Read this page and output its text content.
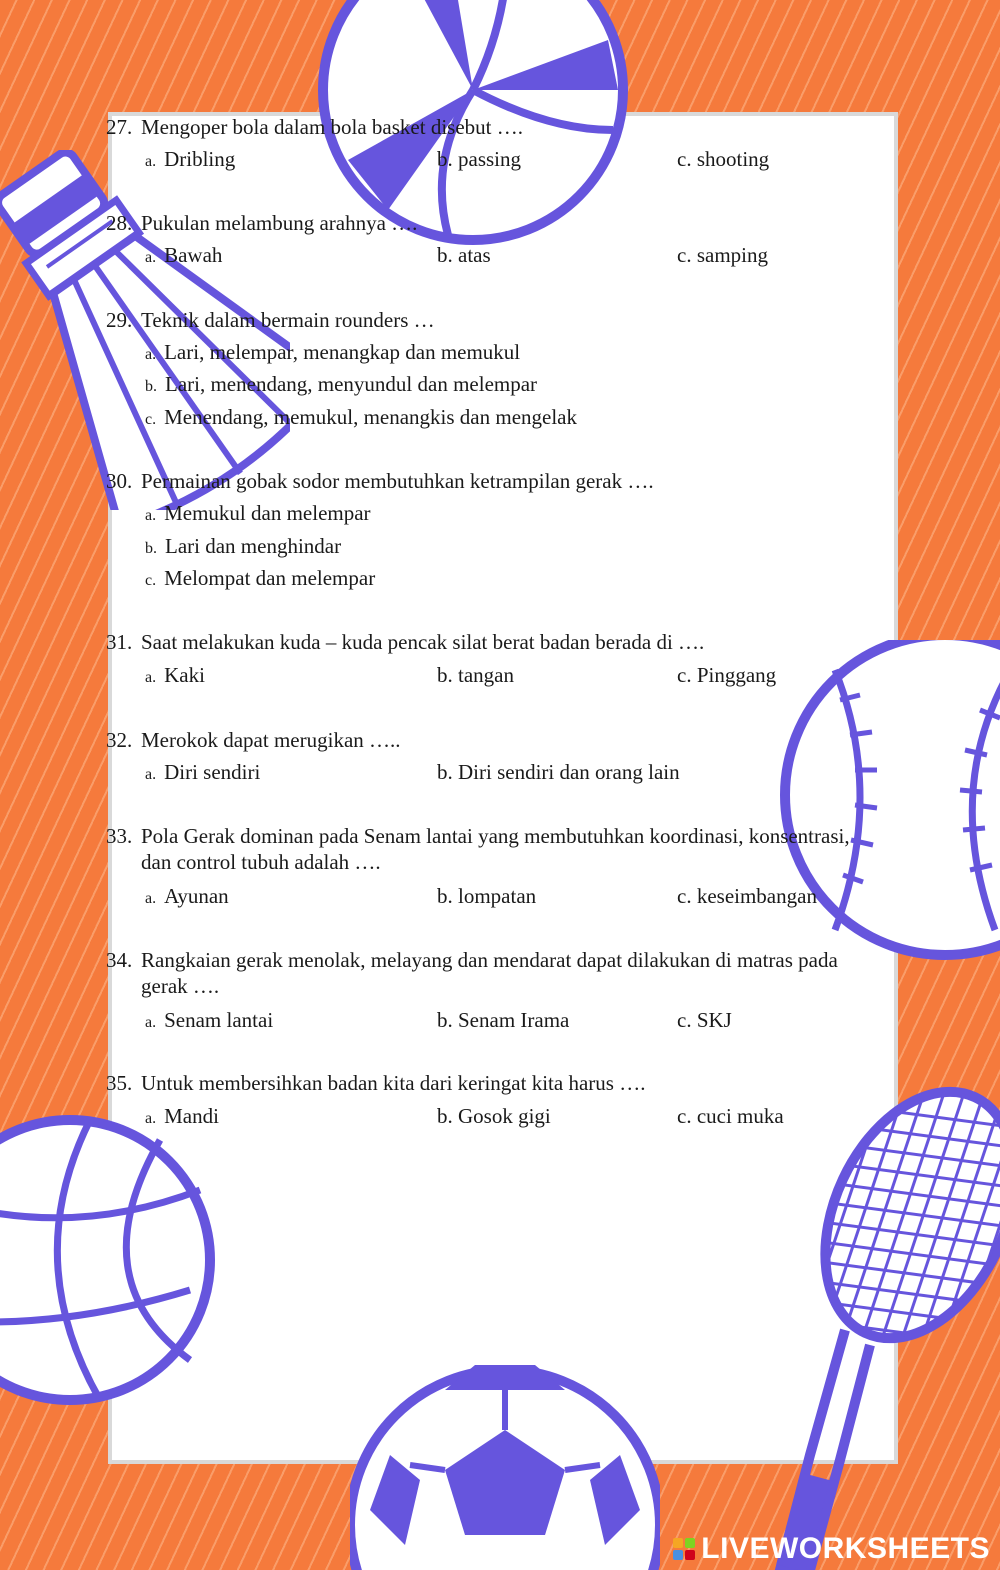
27. Mengoper bola dalam bola basket disebut ….
a. Dribling	b. passing	c. shooting
28. Pukulan melambung arahnya ….
a. Bawah	b. atas	c. samping
29. Teknik dalam bermain rounders …
a. Lari, melempar, menangkap dan memukul
b. Lari, menendang, menyundul dan melempar
c. Menendang, memukul, menangkis dan mengelak
30. Permainan gobak sodor membutuhkan ketrampilan gerak ….
a. Memukul dan melempar
b. Lari dan menghindar
c. Melompat dan melempar
31. Saat melakukan kuda – kuda pencak silat berat badan berada di ….
a. Kaki	b. tangan	c. Pinggang
32. Merokok dapat merugikan …..
a. Diri sendiri	b. Diri sendiri dan orang lain
33. Pola Gerak dominan pada Senam lantai yang membutuhkan koordinasi, konsentrasi, dan control tubuh adalah ….
a. Ayunan	b. lompatan	c. keseimbangan
34. Rangkaian gerak menolak, melayang dan mendarat dapat dilakukan di matras pada gerak ….
a. Senam lantai	b. Senam Irama	c. SKJ
35. Untuk membersihkan badan kita dari keringat kita harus ….
a. Mandi	b. Gosok gigi	c. cuci muka
LIVEWORKSHEETS
